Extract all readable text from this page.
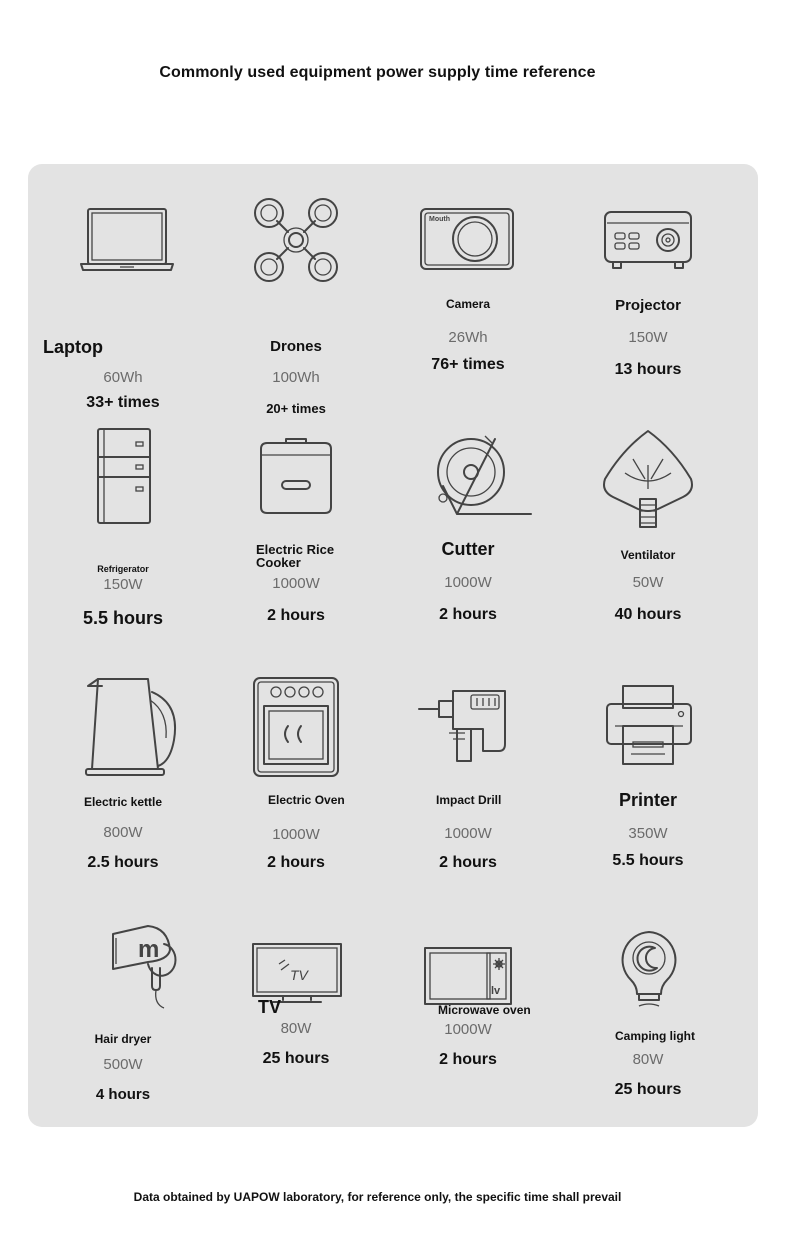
Commonly used equipment power supply time reference
Laptop
60Wh
33+ times
Drones
100Wh
20+ times
Mouth
Camera
26Wh
76+ times
Projector
150W
13 hours
Refrigerator
150W
5.5 hours
Electric Rice Cooker
1000W
2 hours
Cutter
1000W
2 hours
Ventilator
50W
40 hours
Electric kettle
800W
2.5 hours
Electric Oven
1000W
2 hours
Impact Drill
1000W
2 hours
Printer
350W
5.5 hours
m
Hair dryer
500W
4 hours
TV
TV
80W
25 hours
lv
Microwave oven
1000W
2 hours
Camping light
80W
25 hours
Data obtained by UAPOW laboratory, for reference only, the specific time shall prevail
